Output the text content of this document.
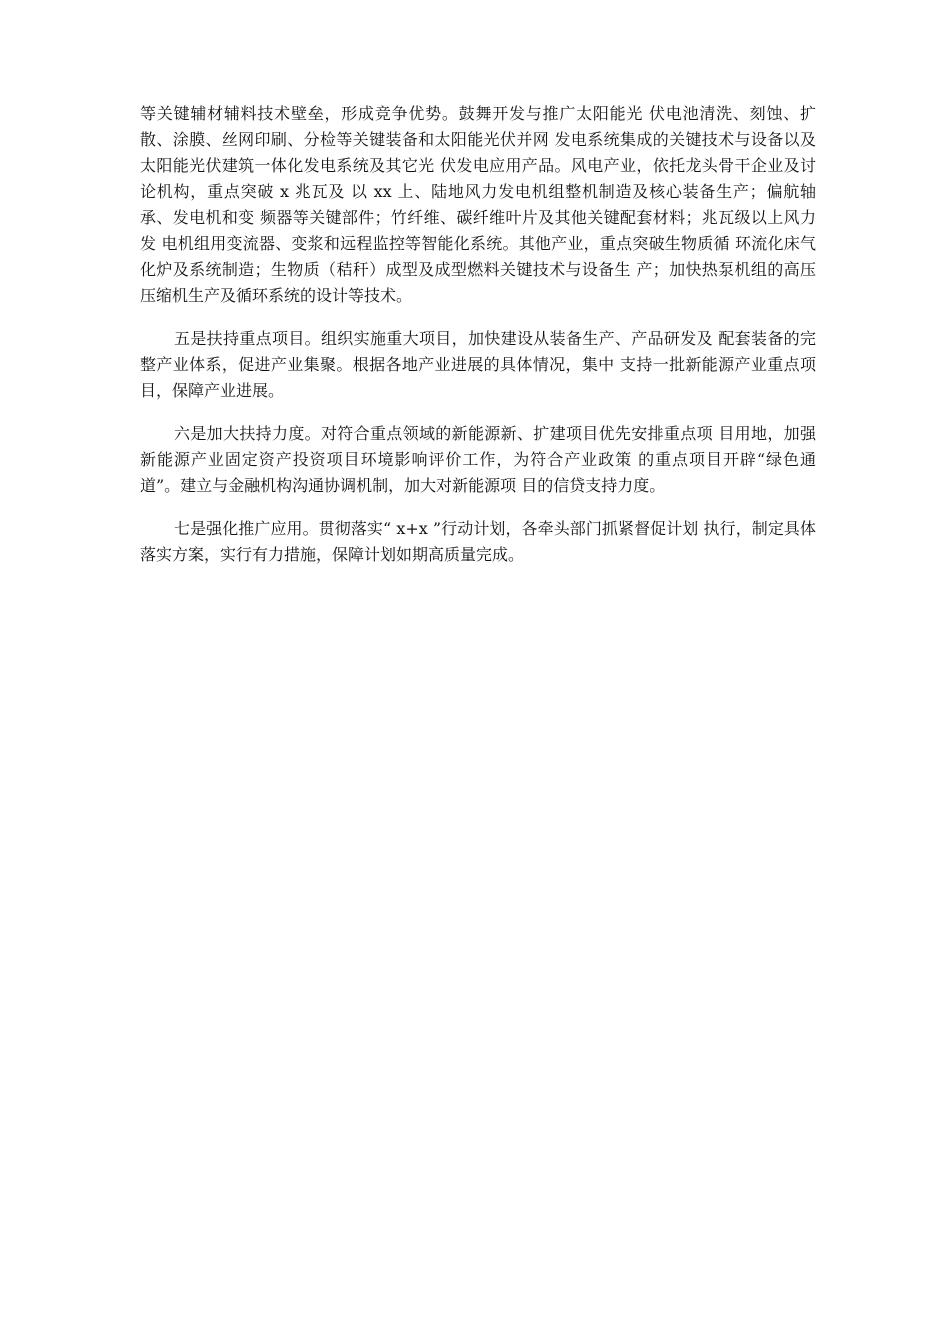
等关键辅材辅料技术壁垒，形成竞争优势。鼓舞开发与推广太阳能光 伏电池清洗、刻蚀、扩散、涂膜、丝网印刷、分检等关键装备和太阳能光伏并网 发电系统集成的关键技术与设备以及太阳能光伏建筑一体化发电系统及其它光 伏发电应用产品。风电产业，依托龙头骨干企业及讨论机构，重点突破 x 兆瓦及 以 xx 上、陆地风力发电机组整机制造及核心装备生产；偏航轴承、发电机和变 频器等关键部件；竹纤维、碳纤维叶片及其他关键配套材料；兆瓦级以上风力发 电机组用变流器、变浆和远程监控等智能化系统。其他产业，重点突破生物质循 环流化床气化炉及系统制造；生物质（秸秆）成型及成型燃料关键技术与设备生 产；加快热泵机组的高压压缩机生产及循环系统的设计等技术。

五是扶持重点项目。组织实施重大项目，加快建设从装备生产、产品研发及 配套装备的完整产业体系，促进产业集聚。根据各地产业进展的具体情况，集中 支持一批新能源产业重点项目，保障产业进展。

六是加大扶持力度。对符合重点领域的新能源新、扩建项目优先安排重点项 目用地，加强新能源产业固定资产投资项目环境影响评价工作，为符合产业政策 的重点项目开辟“绿色通道”。建立与金融机构沟通协调机制，加大对新能源项 目的信贷支持力度。

七是强化推广应用。贯彻落实“ x+x ”行动计划，各牵头部门抓紧督促计划 执行，制定具体落实方案，实行有力措施，保障计划如期高质量完成。
